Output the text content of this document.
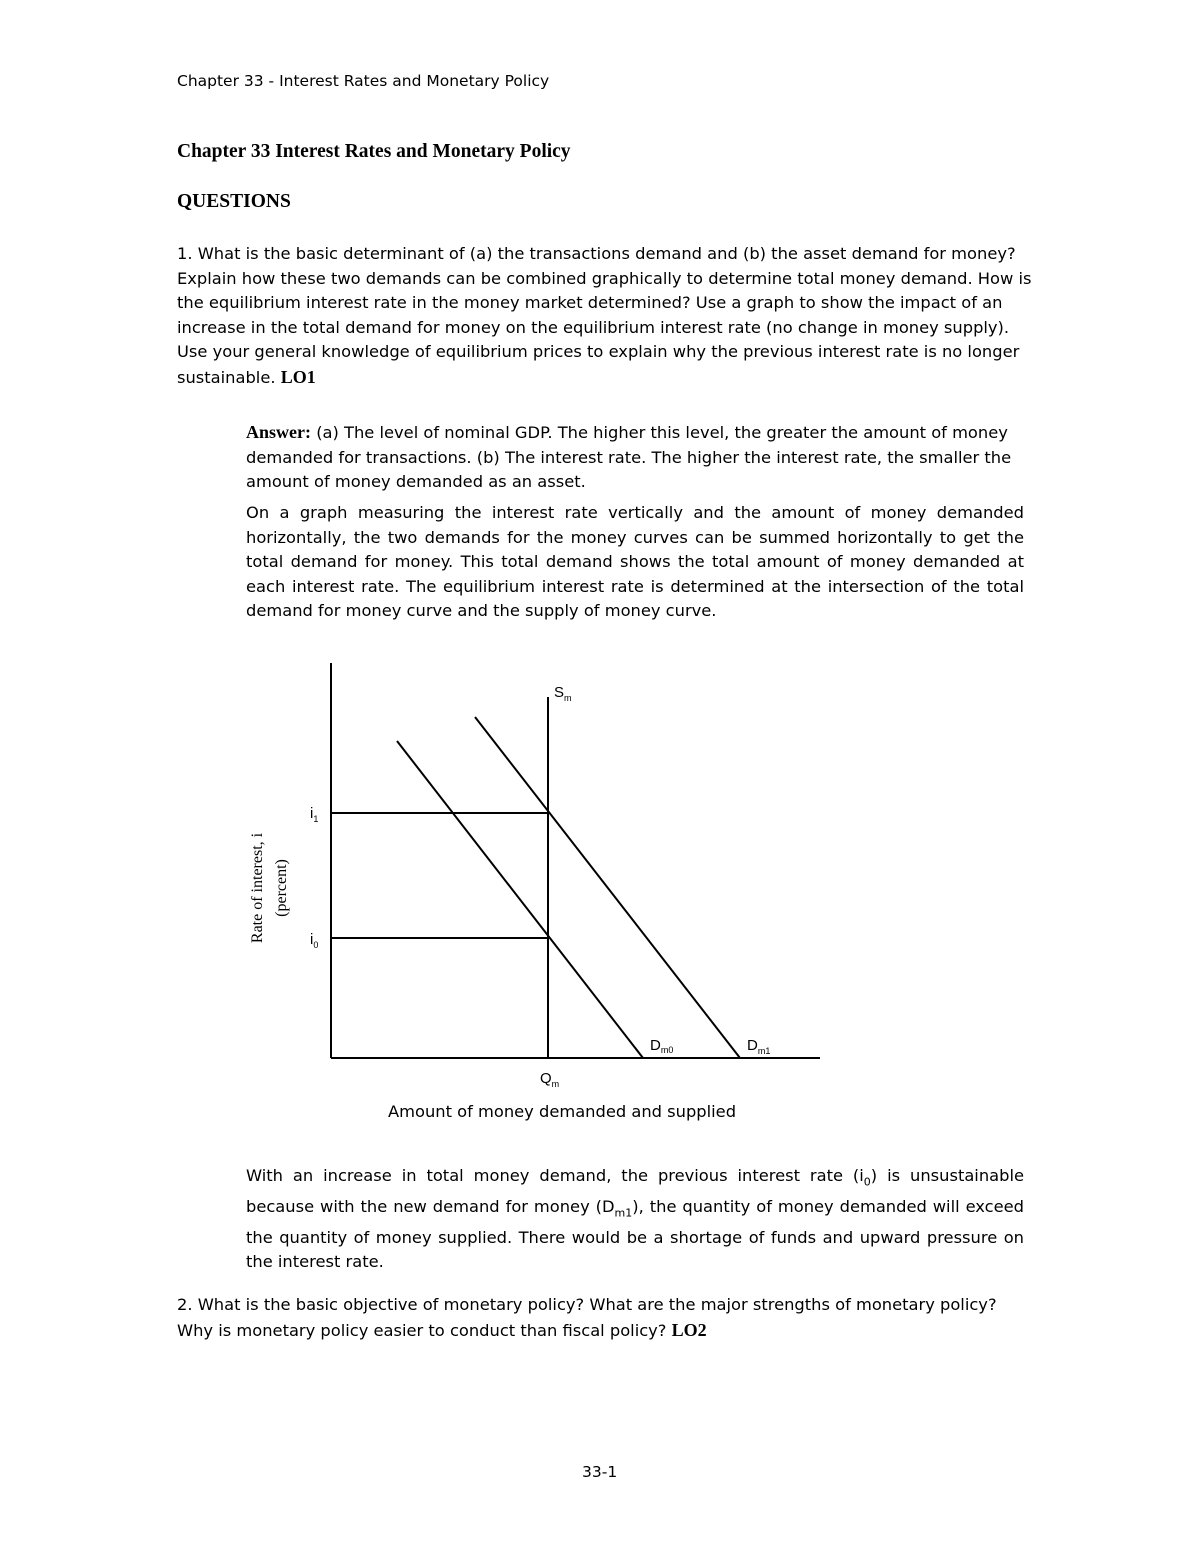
Chapter 33 - Interest Rates and Monetary Policy
Chapter 33 Interest Rates and Monetary Policy
QUESTIONS
1. What is the basic determinant of (a) the transactions demand and (b) the asset demand for money? Explain how these two demands can be combined graphically to determine total money demand. How is the equilibrium interest rate in the money market determined? Use a graph to show the impact of an increase in the total demand for money on the equilibrium interest rate (no change in money supply). Use your general knowledge of equilibrium prices to explain why the previous interest rate is no longer sustainable. LO1
Answer: (a) The level of nominal GDP. The higher this level, the greater the amount of money demanded for transactions. (b) The interest rate. The higher the interest rate, the smaller the amount of money demanded as an asset.
On a graph measuring the interest rate vertically and the amount of money demanded horizontally, the two demands for the money curves can be summed horizontally to get the total demand for money. This total demand shows the total amount of money demanded at each interest rate. The equilibrium interest rate is determined at the intersection of the total demand for money curve and the supply of money curve.
$S_m$
$i_1$
$i_0$
$D_{m0}$	$D_{m1}$
$Q_m$
Rate of interest, i (percent)
Amount of money demanded and supplied
With an increase in total money demand, the previous interest rate $(i_0)$ is unsustainable because with the new demand for money $(D_{m1})$, the quantity of money demanded will exceed the quantity of money supplied. There would be a shortage of funds and upward pressure on the interest rate.
2. What is the basic objective of monetary policy? What are the major strengths of monetary policy? Why is monetary policy easier to conduct than fiscal policy? LO2
33-1
